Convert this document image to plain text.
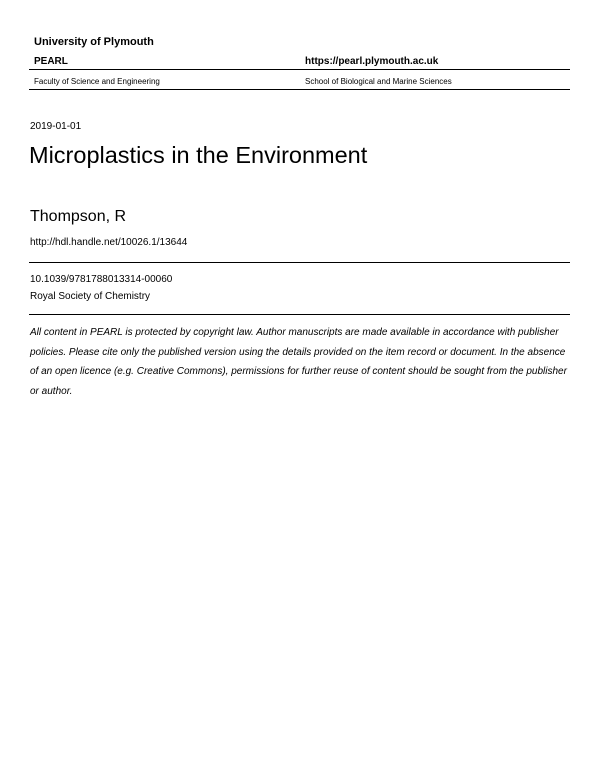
University of Plymouth
PEARL	https://pearl.plymouth.ac.uk
Faculty of Science and Engineering	School of Biological and Marine Sciences
2019-01-01
Microplastics in the Environment
Thompson, R
http://hdl.handle.net/10026.1/13644
10.1039/9781788013314-00060
Royal Society of Chemistry
All content in PEARL is protected by copyright law. Author manuscripts are made available in accordance with publisher policies. Please cite only the published version using the details provided on the item record or document. In the absence of an open licence (e.g. Creative Commons), permissions for further reuse of content should be sought from the publisher or author.
